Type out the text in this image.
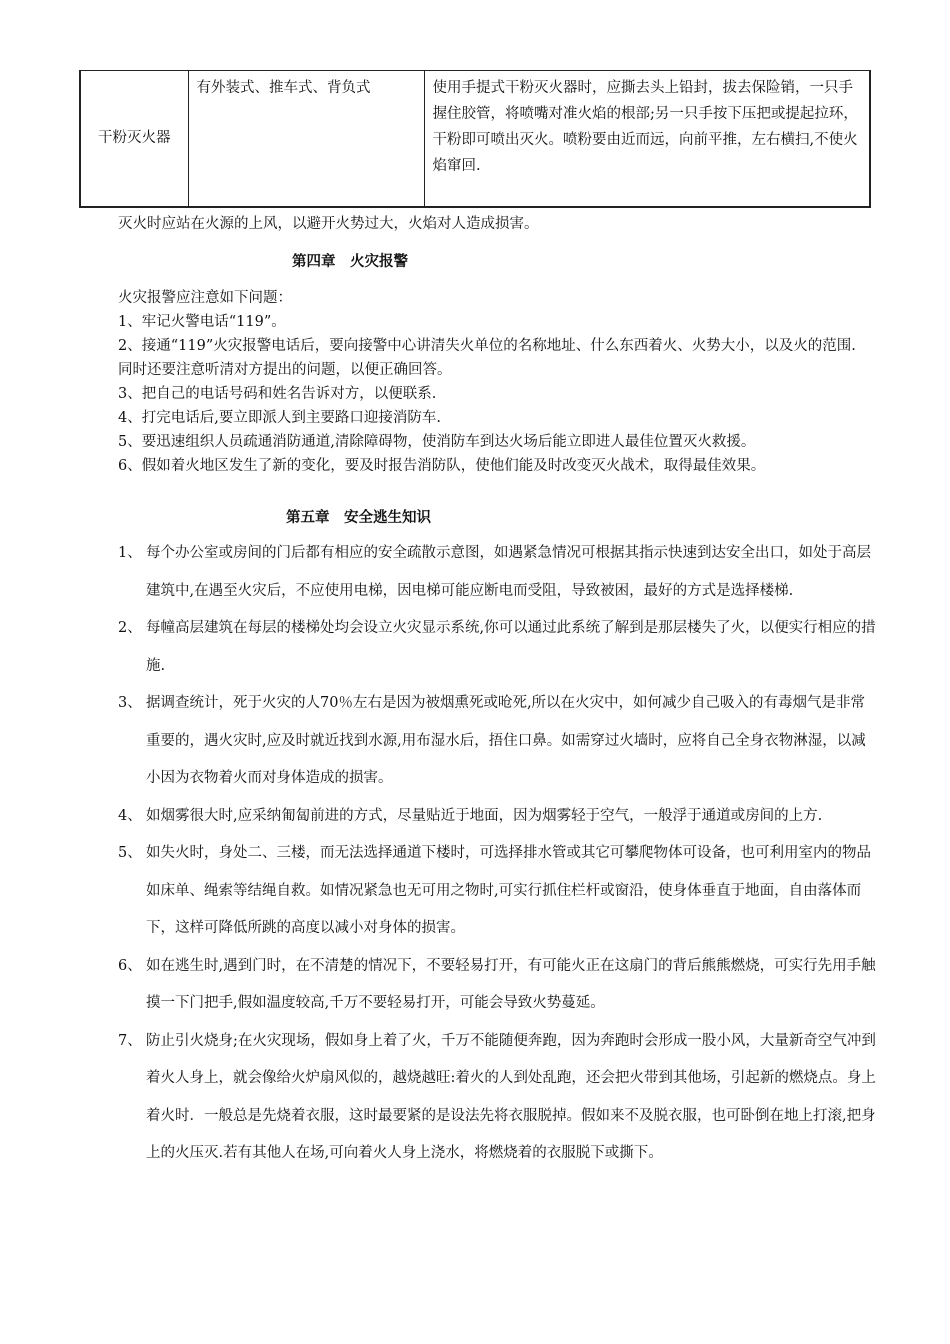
干粉灭火器	有外装式、推车式、背负式	使用手提式干粉灭火器时，应撕去头上铅封，拔去保险销，一只手握住胶管，将喷嘴对准火焰的根部;另一只手按下压把或提起拉环，干粉即可喷出灭火。喷粉要由近而远，向前平推，左右横扫,不使火焰窜回.

灭火时应站在火源的上风，以避开火势过大，火焰对人造成损害。

第四章　火灾报警

火灾报警应注意如下问题：

1、牢记火警电话“119”。

2、接通“119”火灾报警电话后，要向接警中心讲清失火单位的名称地址、什么东西着火、火势大小，以及火的范围.同时还要注意听清对方提出的问题，以便正确回答。

3、把自己的电话号码和姓名告诉对方，以便联系.

4、打完电话后,要立即派人到主要路口迎接消防车.

5、要迅速组织人员疏通消防通道,清除障碍物，使消防车到达火场后能立即进人最佳位置灭火救援。

6、假如着火地区发生了新的变化，要及时报告消防队，使他们能及时改变灭火战术，取得最佳效果。

第五章　安全逃生知识

1、 每个办公室或房间的门后都有相应的安全疏散示意图，如遇紧急情况可根据其指示快速到达安全出口，如处于高层建筑中,在遇至火灾后，不应使用电梯，因电梯可能应断电而受阻，导致被困，最好的方式是选择楼梯.
2、 每幢高层建筑在每层的楼梯处均会设立火灾显示系统,你可以通过此系统了解到是那层楼失了火，以便实行相应的措施.
3、 据调查统计，死于火灾的人70％左右是因为被烟熏死或呛死,所以在火灾中，如何减少自己吸入的有毒烟气是非常重要的，遇火灾时,应及时就近找到水源,用布湿水后，捂住口鼻。如需穿过火墙时，应将自己全身衣物淋湿，以减小因为衣物着火而对身体造成的损害。
4、 如烟雾很大时,应采纳匍匐前进的方式，尽量贴近于地面，因为烟雾轻于空气，一般浮于通道或房间的上方.
5、 如失火时，身处二、三楼，而无法选择通道下楼时，可选择排水管或其它可攀爬物体可设备，也可利用室内的物品如床单、绳索等结绳自救。如情况紧急也无可用之物时,可实行抓住栏杆或窗沿，使身体垂直于地面，自由落体而下，这样可降低所跳的高度以减小对身体的损害。
6、 如在逃生时,遇到门时，在不清楚的情况下，不要轻易打开，有可能火正在这扇门的背后熊熊燃烧，可实行先用手触摸一下门把手,假如温度较高,千万不要轻易打开，可能会导致火势蔓延。
7、 防止引火烧身;在火灾现场，假如身上着了火，千万不能随便奔跑，因为奔跑时会形成一股小风，大量新奇空气冲到着火人身上，就会像给火炉扇风似的，越烧越旺:着火的人到处乱跑，还会把火带到其他场，引起新的燃烧点。身上着火时．一般总是先烧着衣服，这时最要紧的是设法先将衣服脱掉。假如来不及脱衣服，也可卧倒在地上打滚,把身上的火压灭.若有其他人在场,可向着火人身上浇水，将燃烧着的衣服脱下或撕下。
